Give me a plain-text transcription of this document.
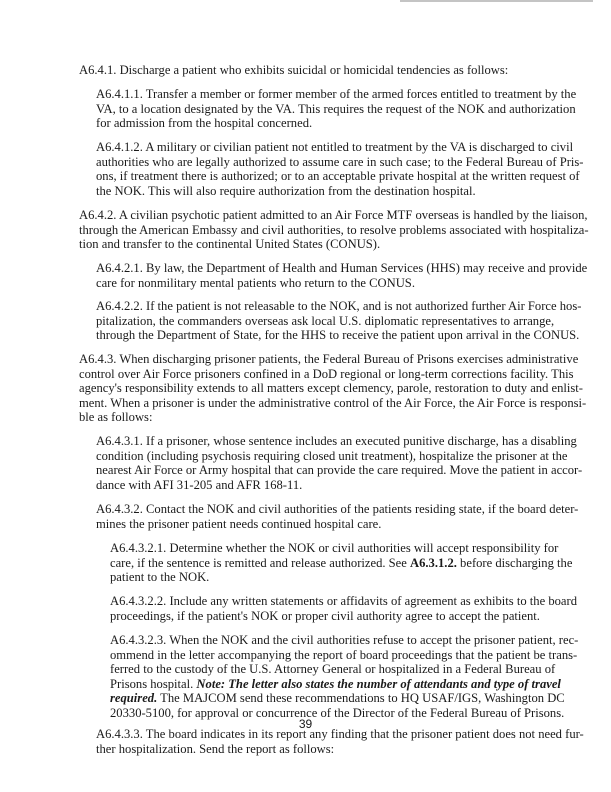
A6.4.1. Discharge a patient who exhibits suicidal or homicidal tendencies as follows:
A6.4.1.1. Transfer a member or former member of the armed forces entitled to treatment by the
VA, to a location designated by the VA. This requires the request of the NOK and authorization
for admission from the hospital concerned.
A6.4.1.2. A military or civilian patient not entitled to treatment by the VA is discharged to civil
authorities who are legally authorized to assume care in such case; to the Federal Bureau of Pris-
ons, if treatment there is authorized; or to an acceptable private hospital at the written request of
the NOK. This will also require authorization from the destination hospital.
A6.4.2. A civilian psychotic patient admitted to an Air Force MTF overseas is handled by the liaison,
through the American Embassy and civil authorities, to resolve problems associated with hospitaliza-
tion and transfer to the continental United States (CONUS).
A6.4.2.1. By law, the Department of Health and Human Services (HHS) may receive and provide
care for nonmilitary mental patients who return to the CONUS.
A6.4.2.2. If the patient is not releasable to the NOK, and is not authorized further Air Force hos-
pitalization, the commanders overseas ask local U.S. diplomatic representatives to arrange,
through the Department of State, for the HHS to receive the patient upon arrival in the CONUS.
A6.4.3. When discharging prisoner patients, the Federal Bureau of Prisons exercises administrative
control over Air Force prisoners confined in a DoD regional or long-term corrections facility. This
agency's responsibility extends to all matters except clemency, parole, restoration to duty and enlist-
ment. When a prisoner is under the administrative control of the Air Force, the Air Force is responsi-
ble as follows:
A6.4.3.1. If a prisoner, whose sentence includes an executed punitive discharge, has a disabling
condition (including psychosis requiring closed unit treatment), hospitalize the prisoner at the
nearest Air Force or Army hospital that can provide the care required. Move the patient in accor-
dance with AFI 31-205 and AFR 168-11.
A6.4.3.2. Contact the NOK and civil authorities of the patients residing state, if the board deter-
mines the prisoner patient needs continued hospital care.
A6.4.3.2.1. Determine whether the NOK or civil authorities will accept responsibility for
care, if the sentence is remitted and release authorized. See A6.3.1.2. before discharging the
patient to the NOK.
A6.4.3.2.2. Include any written statements or affidavits of agreement as exhibits to the board
proceedings, if the patient's NOK or proper civil authority agree to accept the patient.
A6.4.3.2.3. When the NOK and the civil authorities refuse to accept the prisoner patient, rec-
ommend in the letter accompanying the report of board proceedings that the patient be trans-
ferred to the custody of the U.S. Attorney General or hospitalized in a Federal Bureau of
Prisons hospital. Note: The letter also states the number of attendants and type of travel
required. The MAJCOM send these recommendations to HQ USAF/IGS, Washington DC
20330-5100, for approval or concurrence of the Director of the Federal Bureau of Prisons.
A6.4.3.3. The board indicates in its report any finding that the prisoner patient does not need fur-
ther hospitalization. Send the report as follows:
39
